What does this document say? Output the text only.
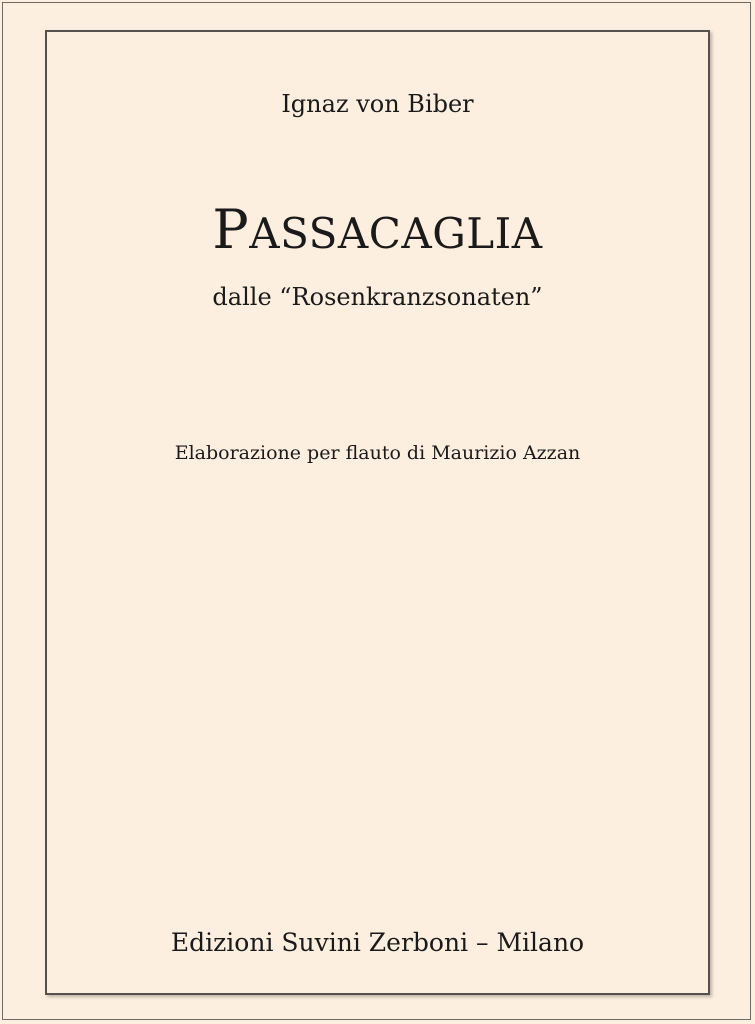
Ignaz von Biber
PASSACAGLIA
dalle “Rosenkranzsonaten”
Elaborazione per flauto di Maurizio Azzan
Edizioni Suvini Zerboni – Milano
